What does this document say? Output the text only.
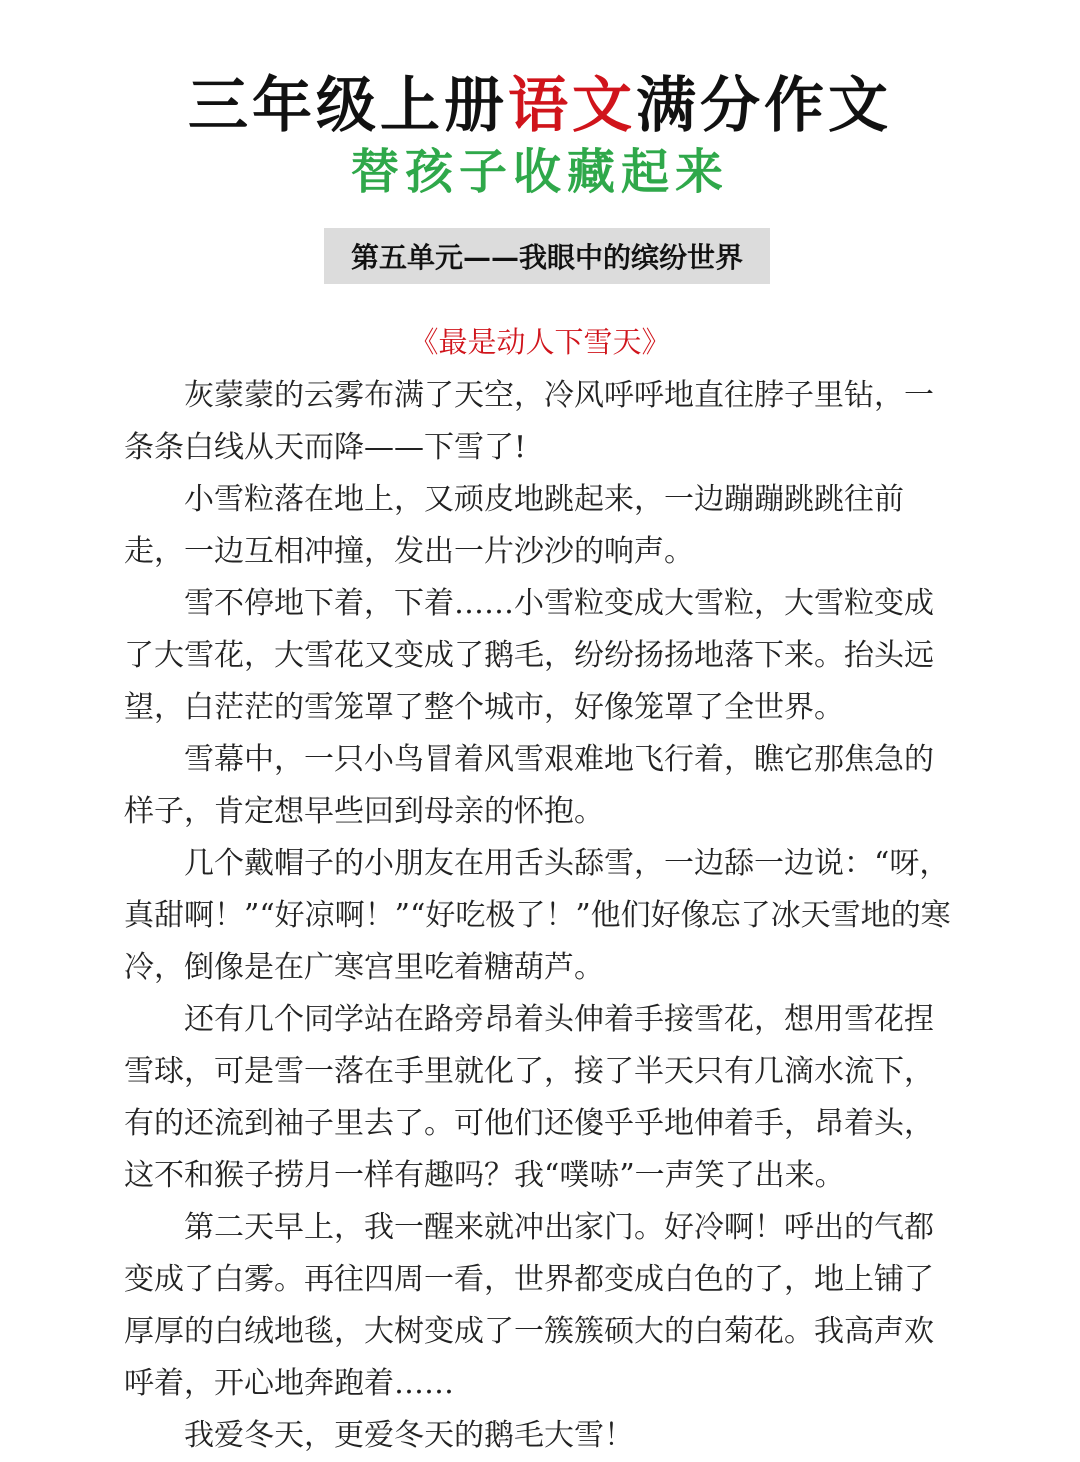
三年级上册语文满分作文
替孩子收藏起来
第五单元——我眼中的缤纷世界
《最是动人下雪天》

灰蒙蒙的云雾布满了天空，冷风呼呼地直往脖子里钻，一条条白线从天而降——下雪了!

小雪粒落在地上，又顽皮地跳起来，一边蹦蹦跳跳往前走，一边互相冲撞，发出一片沙沙的响声。

雪不停地下着，下着……小雪粒变成大雪粒，大雪粒变成了大雪花，大雪花又变成了鹅毛，纷纷扬扬地落下来。抬头远望，白茫茫的雪笼罩了整个城市，好像笼罩了全世界。

雪幕中，一只小鸟冒着风雪艰难地飞行着，瞧它那焦急的样子，肯定想早些回到母亲的怀抱。

几个戴帽子的小朋友在用舌头舔雪，一边舔一边说：“呀，真甜啊！”“好凉啊！”“好吃极了！”他们好像忘了冰天雪地的寒冷，倒像是在广寒宫里吃着糖葫芦。

还有几个同学站在路旁昂着头伸着手接雪花，想用雪花捏雪球，可是雪一落在手里就化了，接了半天只有几滴水流下，有的还流到袖子里去了。可他们还傻乎乎地伸着手，昂着头，这不和猴子捞月一样有趣吗？我“噗哧”一声笑了出来。

第二天早上，我一醒来就冲出家门。好冷啊！呼出的气都变成了白雾。再往四周一看，世界都变成白色的了，地上铺了厚厚的白绒地毯，大树变成了一簇簇硕大的白菊花。我高声欢呼着，开心地奔跑着……

我爱冬天，更爱冬天的鹅毛大雪！
